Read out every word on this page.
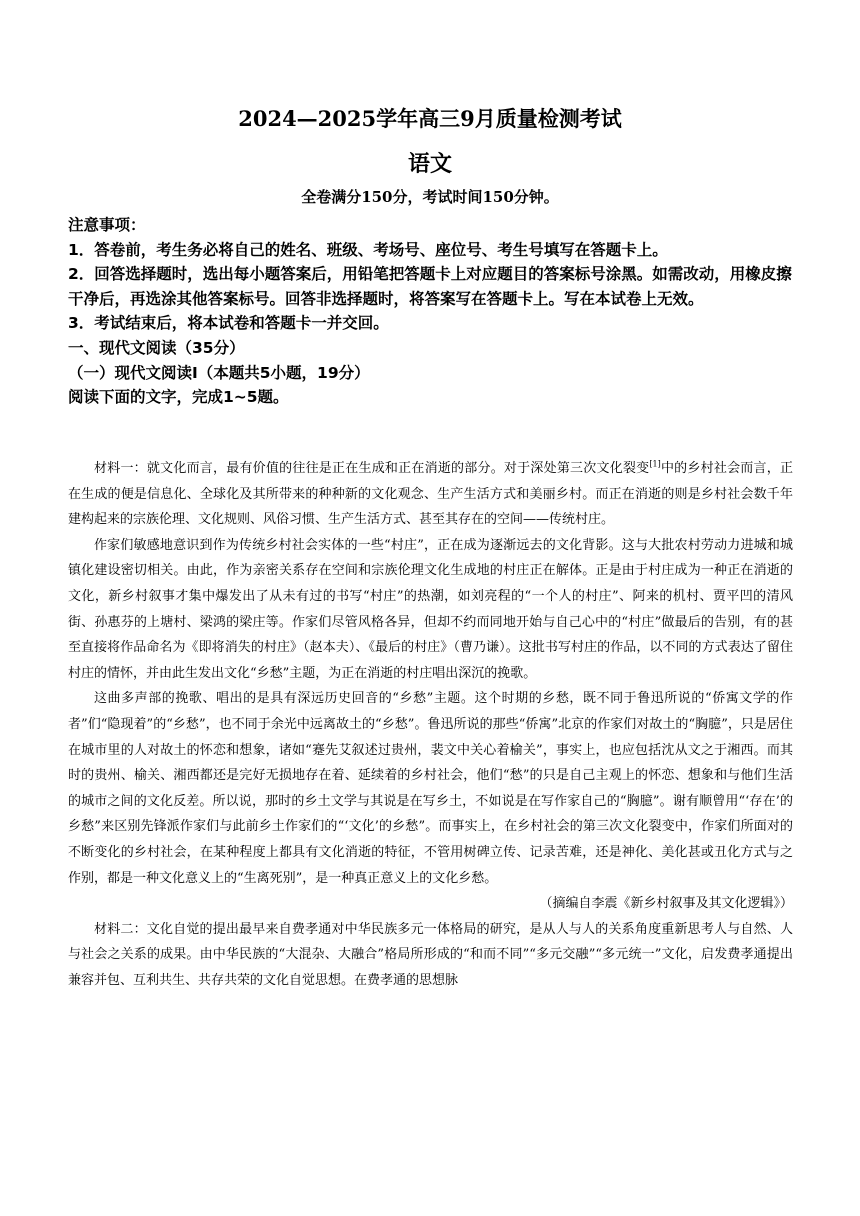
2024—2025学年高三9月质量检测考试
语文
全卷满分150分，考试时间150分钟。

注意事项：

1．答卷前，考生务必将自己的姓名、班级、考场号、座位号、考生号填写在答题卡上。

2．回答选择题时，选出每小题答案后，用铅笔把答题卡上对应题目的答案标号涂黑。如需改动，用橡皮擦干净后，再选涂其他答案标号。回答非选择题时，将答案写在答题卡上。写在本试卷上无效。

3．考试结束后，将本试卷和答题卡一并交回。

一、现代文阅读（35分）

（一）现代文阅读Ⅰ（本题共5小题，19分）

阅读下面的文字，完成1~5题。

材料一：就文化而言，最有价值的往往是正在生成和正在消逝的部分。对于深处第三次文化裂变[1]中的乡村社会而言，正在生成的便是信息化、全球化及其所带来的种种新的文化观念、生产生活方式和美丽乡村。而正在消逝的则是乡村社会数千年建构起来的宗族伦理、文化规则、风俗习惯、生产生活方式、甚至其存在的空间——传统村庄。

作家们敏感地意识到作为传统乡村社会实体的一些“村庄”，正在成为逐渐远去的文化背影。这与大批农村劳动力进城和城镇化建设密切相关。由此，作为亲密关系存在空间和宗族伦理文化生成地的村庄正在解体。正是由于村庄成为一种正在消逝的文化，新乡村叙事才集中爆发出了从未有过的书写“村庄”的热潮，如刘亮程的“一个人的村庄”、阿来的机村、贾平凹的清风街、孙惠芬的上塘村、梁鸿的梁庄等。作家们尽管风格各异，但却不约而同地开始与自己心中的“村庄”做最后的告别，有的甚至直接将作品命名为《即将消失的村庄》（赵本夫）、《最后的村庄》（曹乃谦）。这批书写村庄的作品，以不同的方式表达了留住村庄的情怀，并由此生发出文化“乡愁”主题，为正在消逝的村庄唱出深沉的挽歌。

这曲多声部的挽歌、唱出的是具有深远历史回音的“乡愁”主题。这个时期的乡愁，既不同于鲁迅所说的“侨寓文学的作者”们“隐现着”的“乡愁”，也不同于余光中远离故土的“乡愁”。鲁迅所说的那些“侨寓”北京的作家们对故土的“胸臆”，只是居住在城市里的人对故土的怀恋和想象，诸如“蹇先艾叙述过贵州，裴文中关心着榆关”，事实上，也应包括沈从文之于湘西。而其时的贵州、榆关、湘西都还是完好无损地存在着、延续着的乡村社会，他们“愁”的只是自己主观上的怀恋、想象和与他们生活的城市之间的文化反差。所以说，那时的乡土文学与其说是在写乡土，不如说是在写作家自己的“胸臆”。谢有顺曾用“‘存在’的乡愁”来区别先锋派作家们与此前乡土作家们的“‘文化’的乡愁”。而事实上，在乡村社会的第三次文化裂变中，作家们所面对的不断变化的乡村社会，在某种程度上都具有文化消逝的特征，不管用树碑立传、记录苦难，还是神化、美化甚或丑化方式与之作别，都是一种文化意义上的“生离死别”，是一种真正意义上的文化乡愁。

（摘编自李震《新乡村叙事及其文化逻辑》）

材料二：文化自觉的提出最早来自费孝通对中华民族多元一体格局的研究，是从人与人的关系角度重新思考人与自然、人与社会之关系的成果。由中华民族的“大混杂、大融合”格局所形成的“和而不同”“多元交融”“多元统一”文化，启发费孝通提出兼容并包、互利共生、共存共荣的文化自觉思想。在费孝通的思想脉
